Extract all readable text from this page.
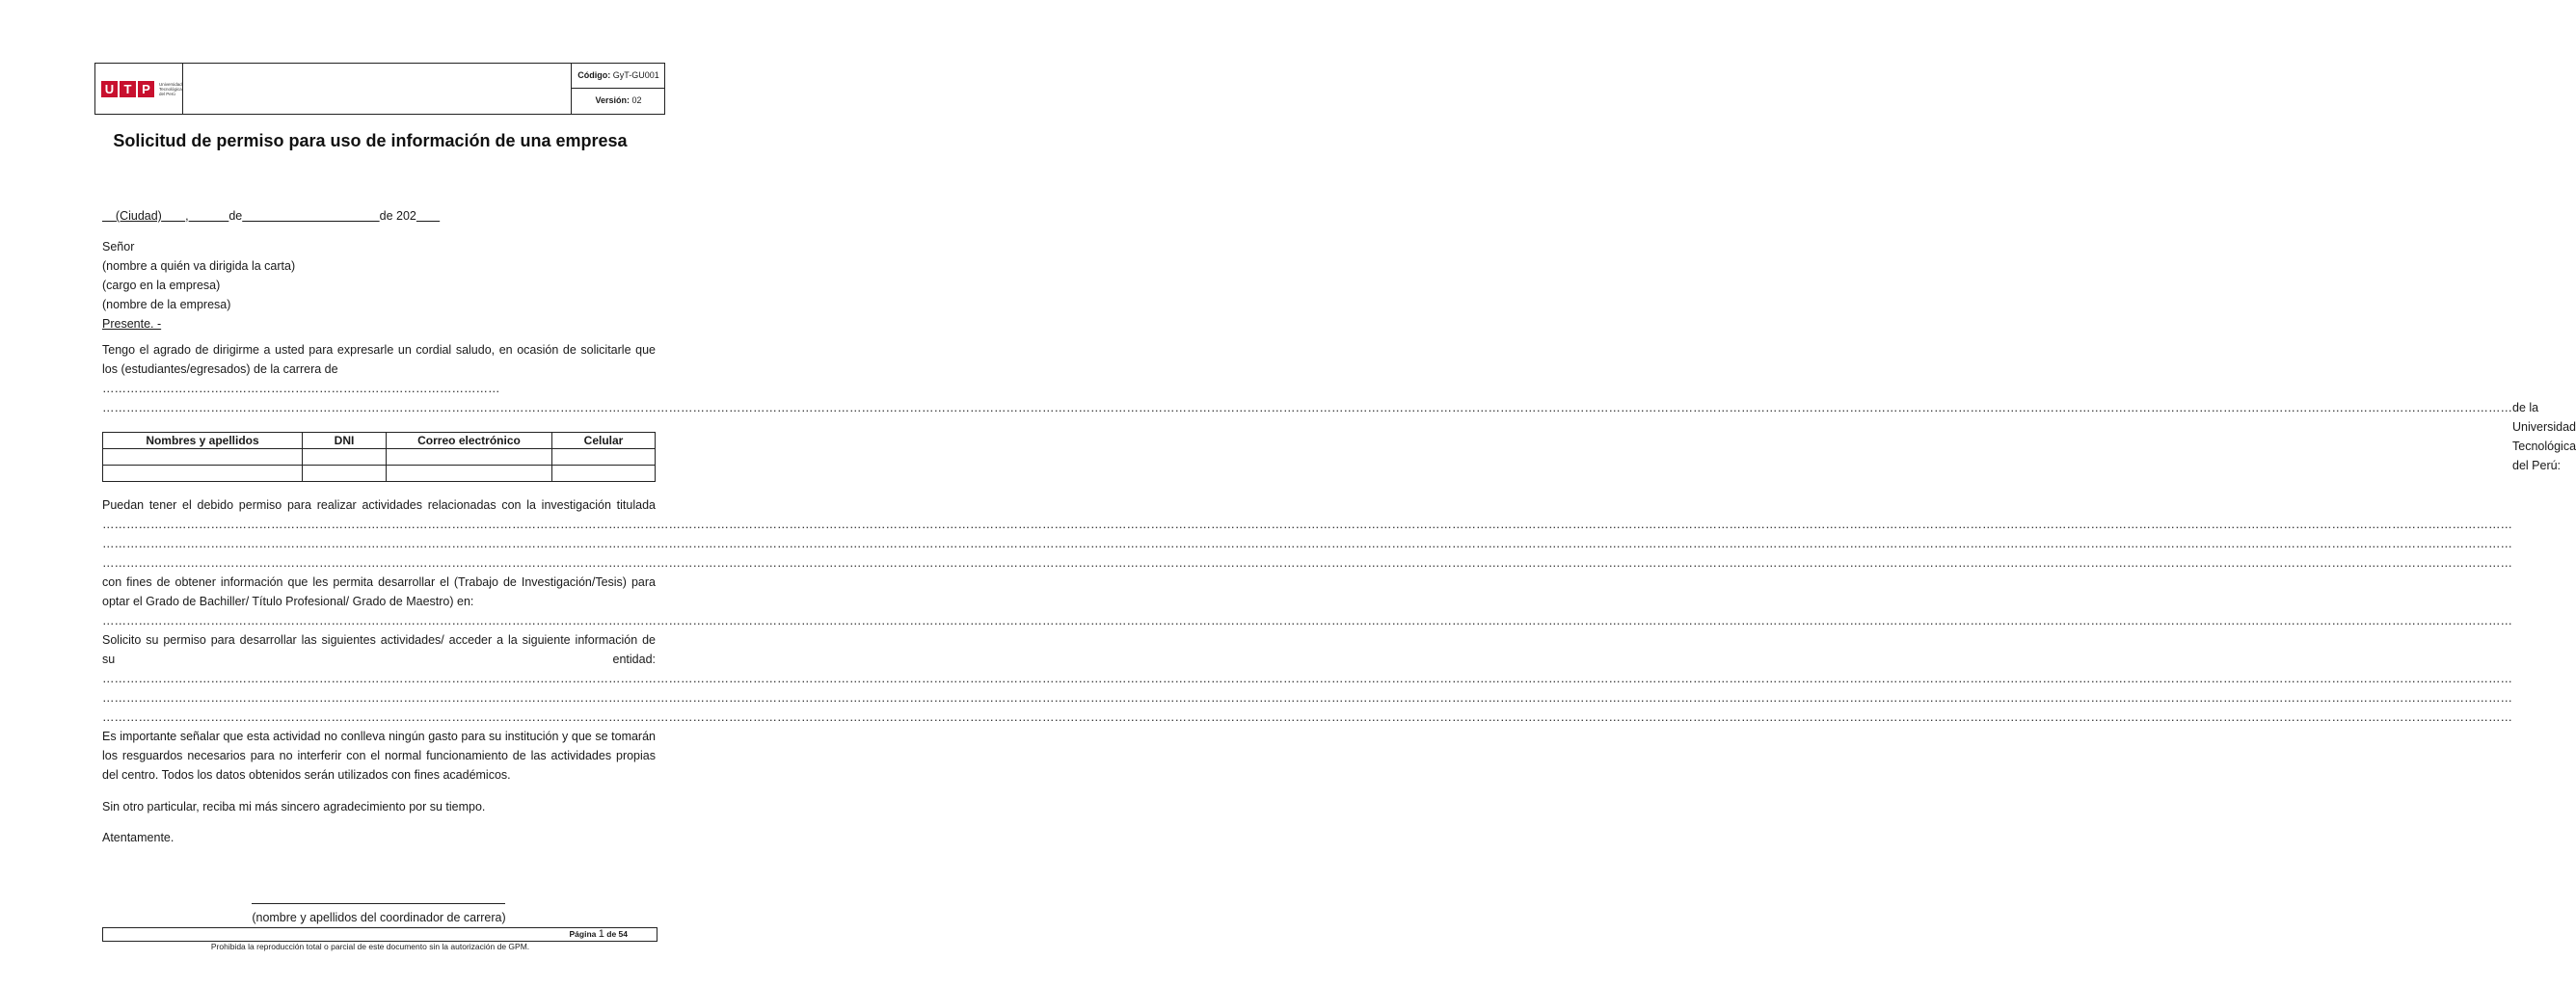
U T P	Universidad
Tecnológica
del Perú
Código: GyT-GU001
Versión: 02
Solicitud de permiso para uso de información de una empresa
(Ciudad) ,	de	de 202
Señor
(nombre a quién va dirigida la carta)
(cargo en la empresa)
(nombre de la empresa)
Presente. -
Tengo el agrado de dirigirme a usted para expresarle un cordial saludo, en ocasión de solicitarle que los (estudiantes/egresados) de la carrera de
………………………………………………………………………………………
…………………………………………………………………………………………………………………………………………………………………………………………………………………………………………………………………………………………………………………………………………………………………………………………………………………………………………………………………………………………………………………………………………………… de la Universidad Tecnológica del Perú:
Nombres y apellidos	DNI	Correo electrónico	Celular

Puedan tener el debido permiso para realizar actividades relacionadas con la investigación titulada
……………………………………………………………………………………………………………………………………………………………………………………………………………………………………………………………………………………………………………………………………………………………………………………………………………………………………………………………………………………………………………………………………………………
……………………………………………………………………………………………………………………………………………………………………………………………………………………………………………………………………………………………………………………………………………………………………………………………………………………………………………………………………………………………………………………………………………………
……………………………………………………………………………………………………………………………………………………………………………………………………………………………………………………………………………………………………………………………………………………………………………………………………………………………………………………………………………………………………………………………………………………
con fines de obtener información que les permita desarrollar el (Trabajo de Investigación/Tesis) para optar el Grado de Bachiller/ Título Profesional/ Grado de Maestro) en:
……………………………………………………………………………………………………………………………………………………………………………………………………………………………………………………………………………………………………………………………………………………………………………………………………………………………………………………………………………………………………………………………………………………
Solicito su permiso para desarrollar las siguientes actividades/ acceder a la siguiente información de
su	entidad:
……………………………………………………………………………………………………………………………………………………………………………………………………………………………………………………………………………………………………………………………………………………………………………………………………………………………………………………………………………………………………………………………………………………
……………………………………………………………………………………………………………………………………………………………………………………………………………………………………………………………………………………………………………………………………………………………………………………………………………………………………………………………………………………………………………………………………………………
……………………………………………………………………………………………………………………………………………………………………………………………………………………………………………………………………………………………………………………………………………………………………………………………………………………………………………………………………………………………………………………………………………………
Es importante señalar que esta actividad no conlleva ningún gasto para su institución y que se tomarán los resguardos necesarios para no interferir con el normal funcionamiento de las actividades propias del centro. Todos los datos obtenidos serán utilizados con fines académicos.
Sin otro particular, reciba mi más sincero agradecimiento por su tiempo.
Atentamente.
(nombre y apellidos del coordinador de carrera)
Página 1 de 54
Prohibida la reproducción total o parcial de este documento sin la autorización de GPM.
